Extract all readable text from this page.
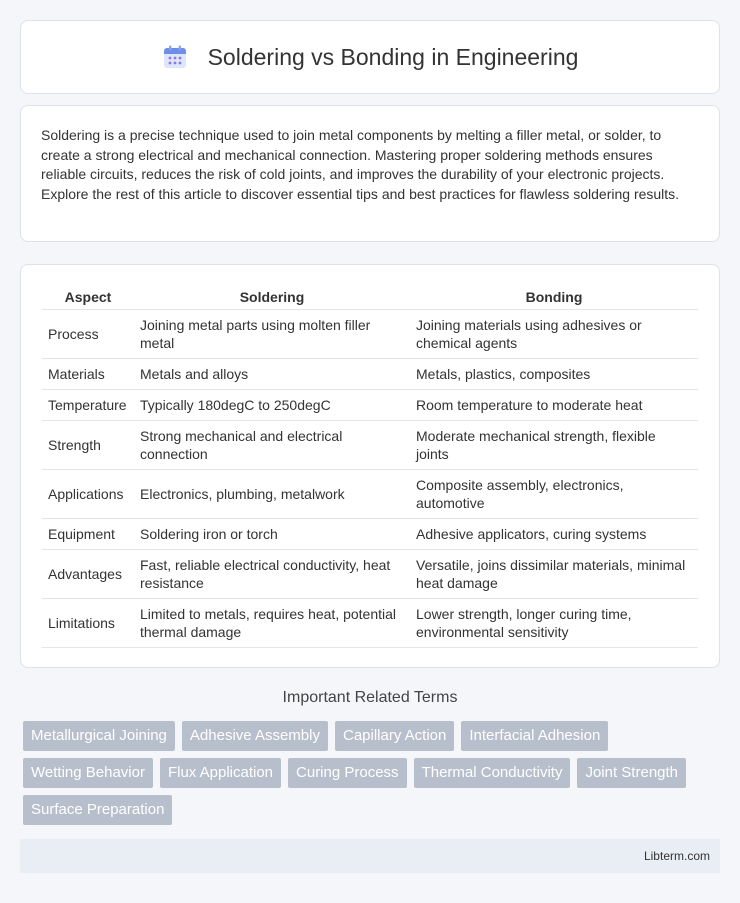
Soldering vs Bonding in Engineering

Soldering is a precise technique used to join metal components by melting a filler metal, or solder, to create a strong electrical and mechanical connection. Mastering proper soldering methods ensures reliable circuits, reduces the risk of cold joints, and improves the durability of your electronic projects. Explore the rest of this article to discover essential tips and best practices for flawless soldering results.

Aspect	Soldering	Bonding
Process	Joining metal parts using molten filler metal	Joining materials using adhesives or chemical agents
Materials	Metals and alloys	Metals, plastics, composites
Temperature	Typically 180degC to 250degC	Room temperature to moderate heat
Strength	Strong mechanical and electrical connection	Moderate mechanical strength, flexible joints
Applications	Electronics, plumbing, metalwork	Composite assembly, electronics, automotive
Equipment	Soldering iron or torch	Adhesive applicators, curing systems
Advantages	Fast, reliable electrical conductivity, heat resistance	Versatile, joins dissimilar materials, minimal heat damage
Limitations	Limited to metals, requires heat, potential thermal damage	Lower strength, longer curing time, environmental sensitivity
Important Related Terms
Metallurgical Joining	Adhesive Assembly	Capillary Action	Interfacial Adhesion
Wetting Behavior	Flux Application	Curing Process	Thermal Conductivity	Joint Strength
Surface Preparation
Libterm.com
